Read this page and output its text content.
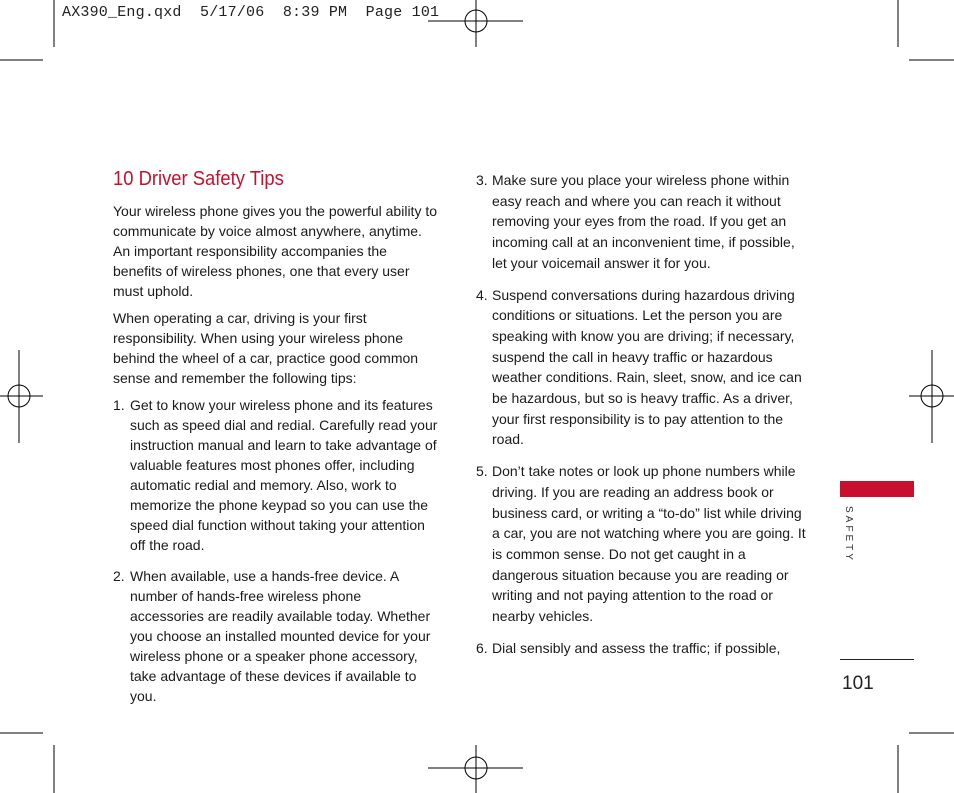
AX390_Eng.qxd  5/17/06  8:39 PM  Page 101
10 Driver Safety Tips

Your wireless phone gives you the powerful ability to communicate by voice almost anywhere, anytime. An important responsibility accompanies the benefits of wireless phones, one that every user must uphold.

When operating a car, driving is your first responsibility. When using your wireless phone behind the wheel of a car, practice good common sense and remember the following tips:

1. Get to know your wireless phone and its features such as speed dial and redial. Carefully read your instruction manual and learn to take advantage of valuable features most phones offer, including automatic redial and memory. Also, work to memorize the phone keypad so you can use the speed dial function without taking your attention off the road.
2. When available, use a hands-free device. A number of hands-free wireless phone accessories are readily available today. Whether you choose an installed mounted device for your wireless phone or a speaker phone accessory, take advantage of these devices if available to you.
3. Make sure you place your wireless phone within easy reach and where you can reach it without removing your eyes from the road. If you get an incoming call at an inconvenient time, if possible, let your voicemail answer it for you.
4. Suspend conversations during hazardous driving conditions or situations. Let the person you are speaking with know you are driving; if necessary, suspend the call in heavy traffic or hazardous weather conditions. Rain, sleet, snow, and ice can be hazardous, but so is heavy traffic. As a driver, your first responsibility is to pay attention to the road.
5. Don’t take notes or look up phone numbers while driving. If you are reading an address book or business card, or writing a “to-do” list while driving a car, you are not watching where you are going. It is common sense. Do not get caught in a dangerous situation because you are reading or writing and not paying attention to the road or nearby vehicles.
6. Dial sensibly and assess the traffic; if possible,
SAFETY
101
